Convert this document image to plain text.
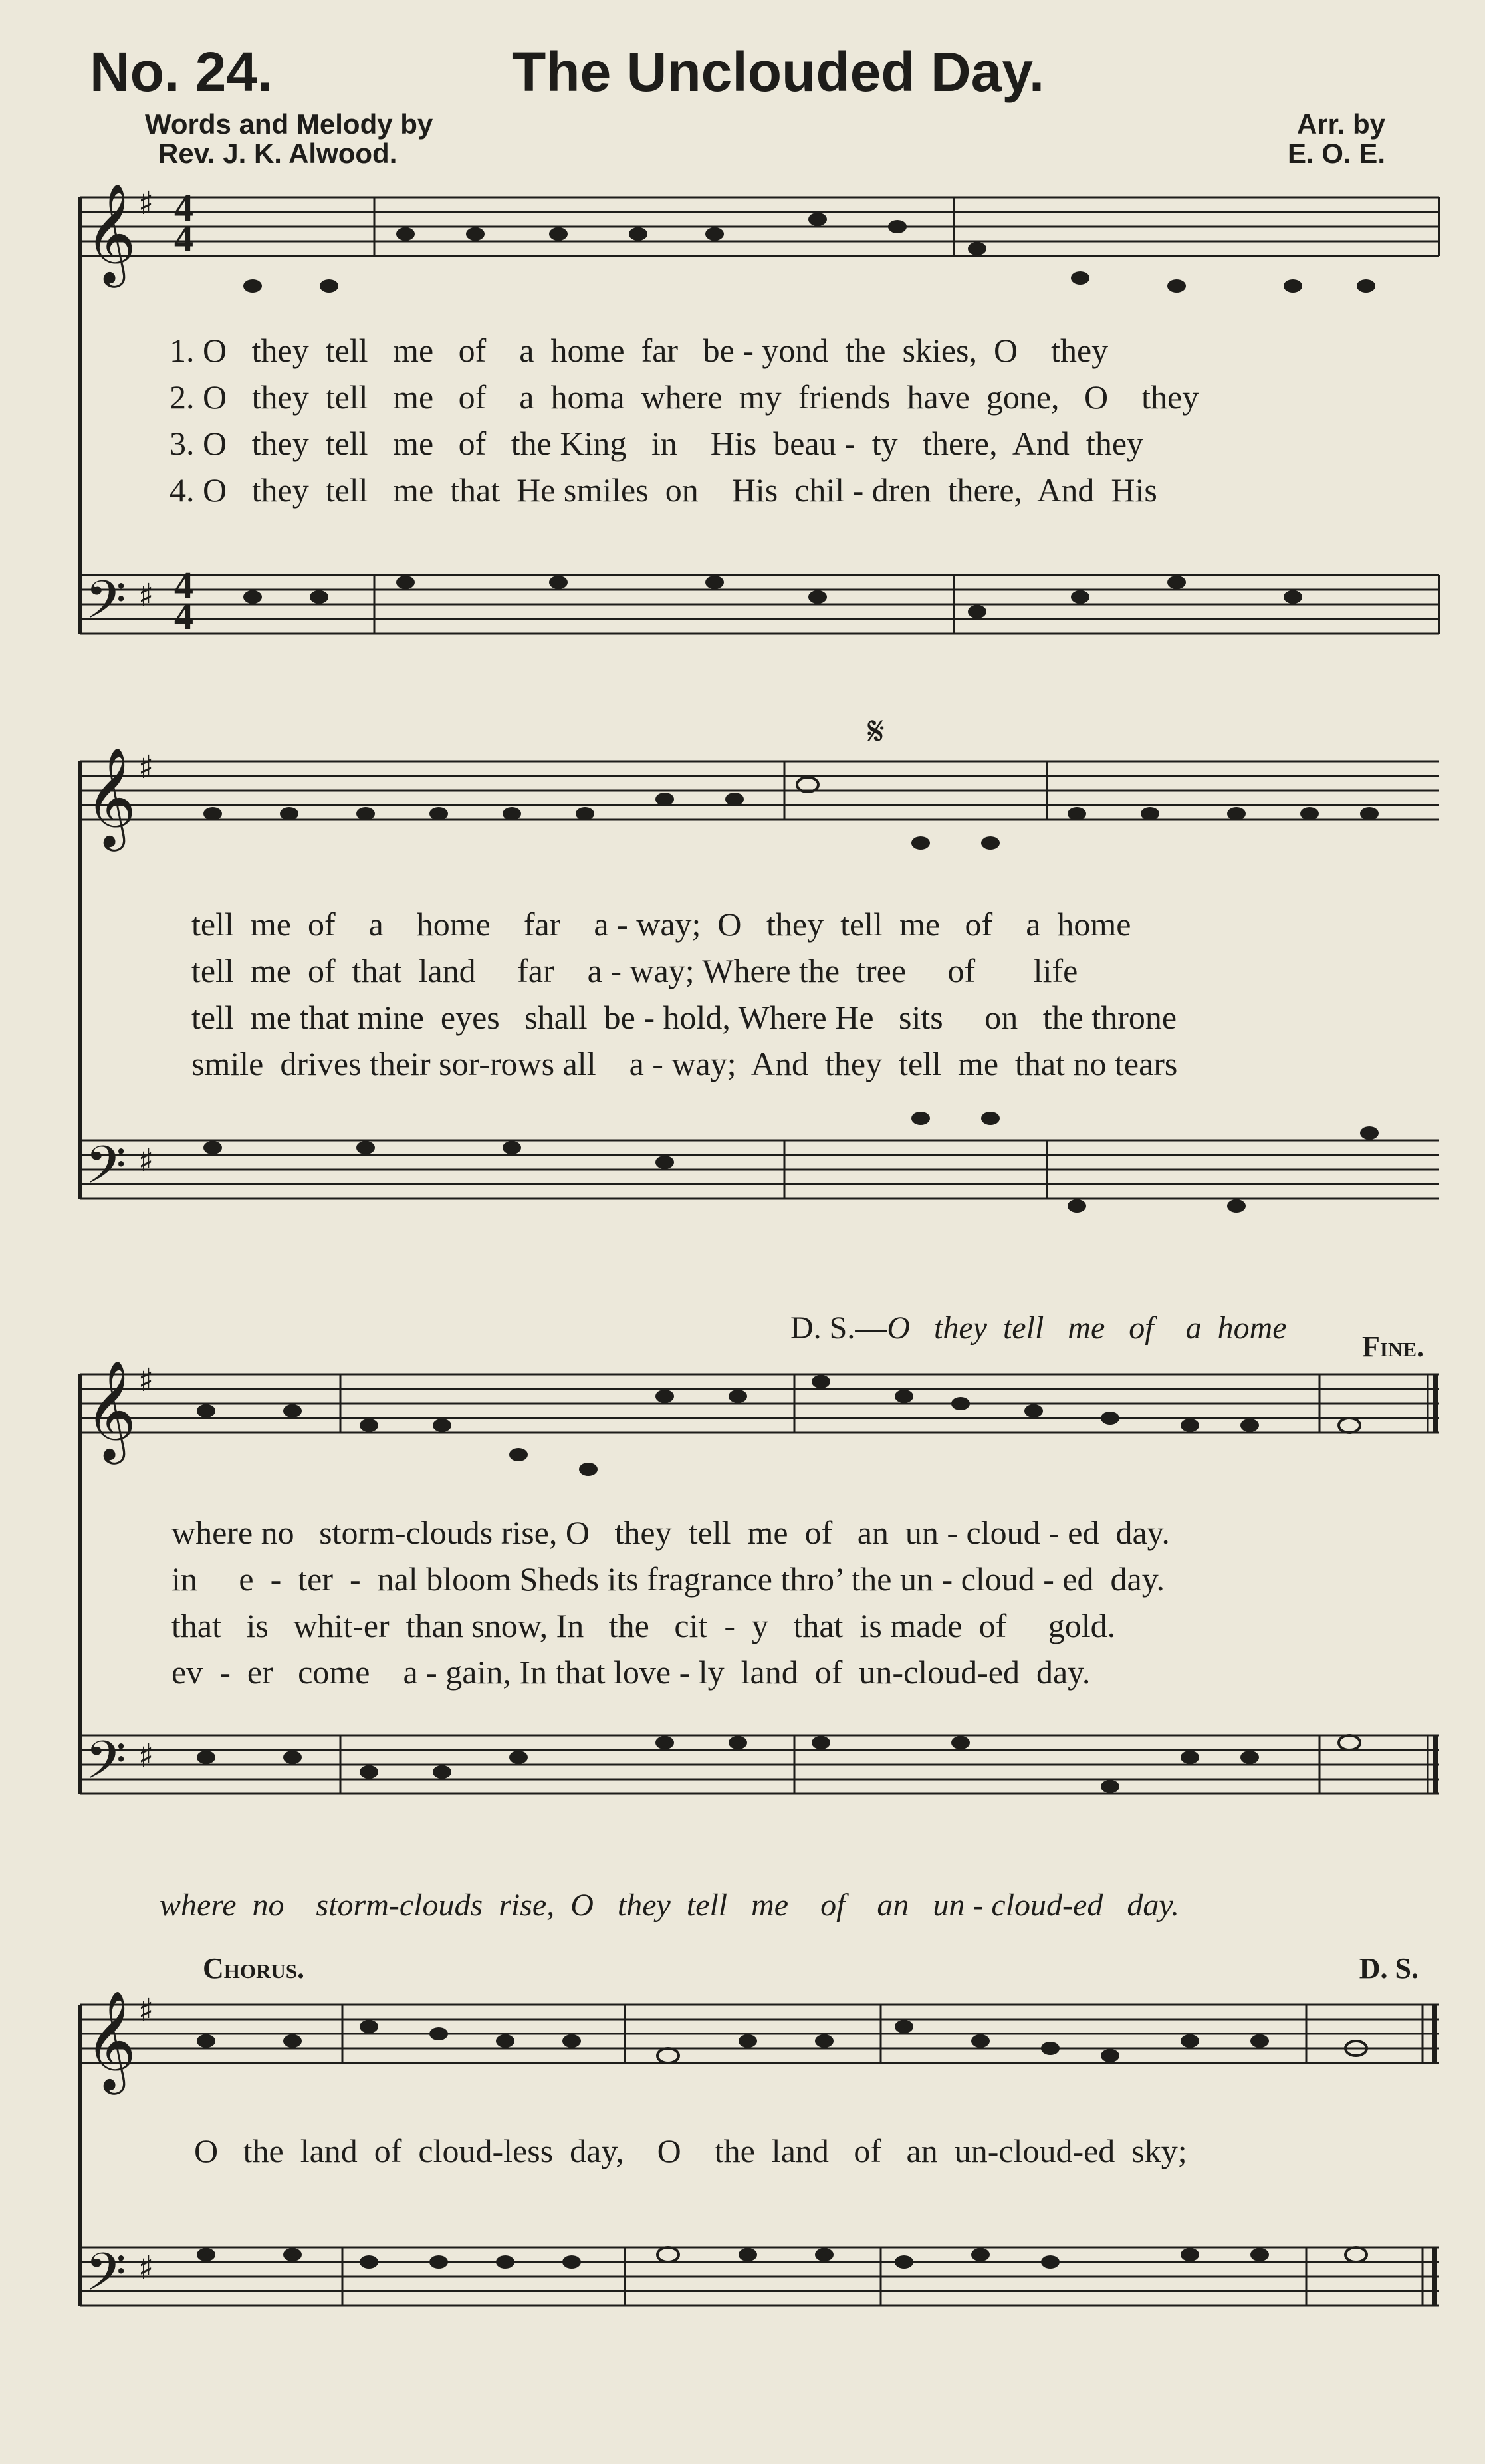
No. 24.	The Unclouded Day.
Words and Melody by
Rev. J. K. Alwood.
Arr. by
E. O. E.
𝄞
𝄞
𝄞
𝄞
𝄢
𝄢
𝄢
𝄢
♯
♯
♯
♯
♯
♯
♯
♯
𝄋
4
4
4
4
1. O   they  tell   me   of    a  home  far   be - yond  the  skies,  O    they
2. O   they  tell   me   of    a  homa  where  my  friends  have  gone,   O    they
3. O   they  tell   me   of   the King   in    His  beau -  ty   there,  And  they
4. O   they  tell   me  that  He smiles  on    His  chil - dren  there,  And  His
tell  me  of    a    home    far    a - way;  O   they  tell  me   of    a  home
tell  me  of  that  land     far    a - way; Where the  tree     of       life
tell  me that mine  eyes   shall  be - hold, Where He   sits     on   the throne
smile  drives their sor-rows all    a - way;  And  they  tell  me  that no tears

D. S.—O   they  tell   me   of    a  home

Fine.
where no   storm-clouds rise, O   they  tell  me  of   an  un - cloud - ed  day.
in     e  -  ter  -  nal bloom Sheds its fragrance thro’ the un - cloud - ed  day.
that   is   whit-er  than snow, In   the   cit  -  y   that  is made  of     gold.
ev  -  er   come    a - gain, In that love - ly  land  of  un-cloud-ed  day.
where  no    storm-clouds  rise,  O   they  tell   me    of    an   un - cloud-ed   day.
Chorus.	D. S.
O   the  land  of  cloud-less  day,    O    the  land   of   an  un-cloud-ed  sky;
